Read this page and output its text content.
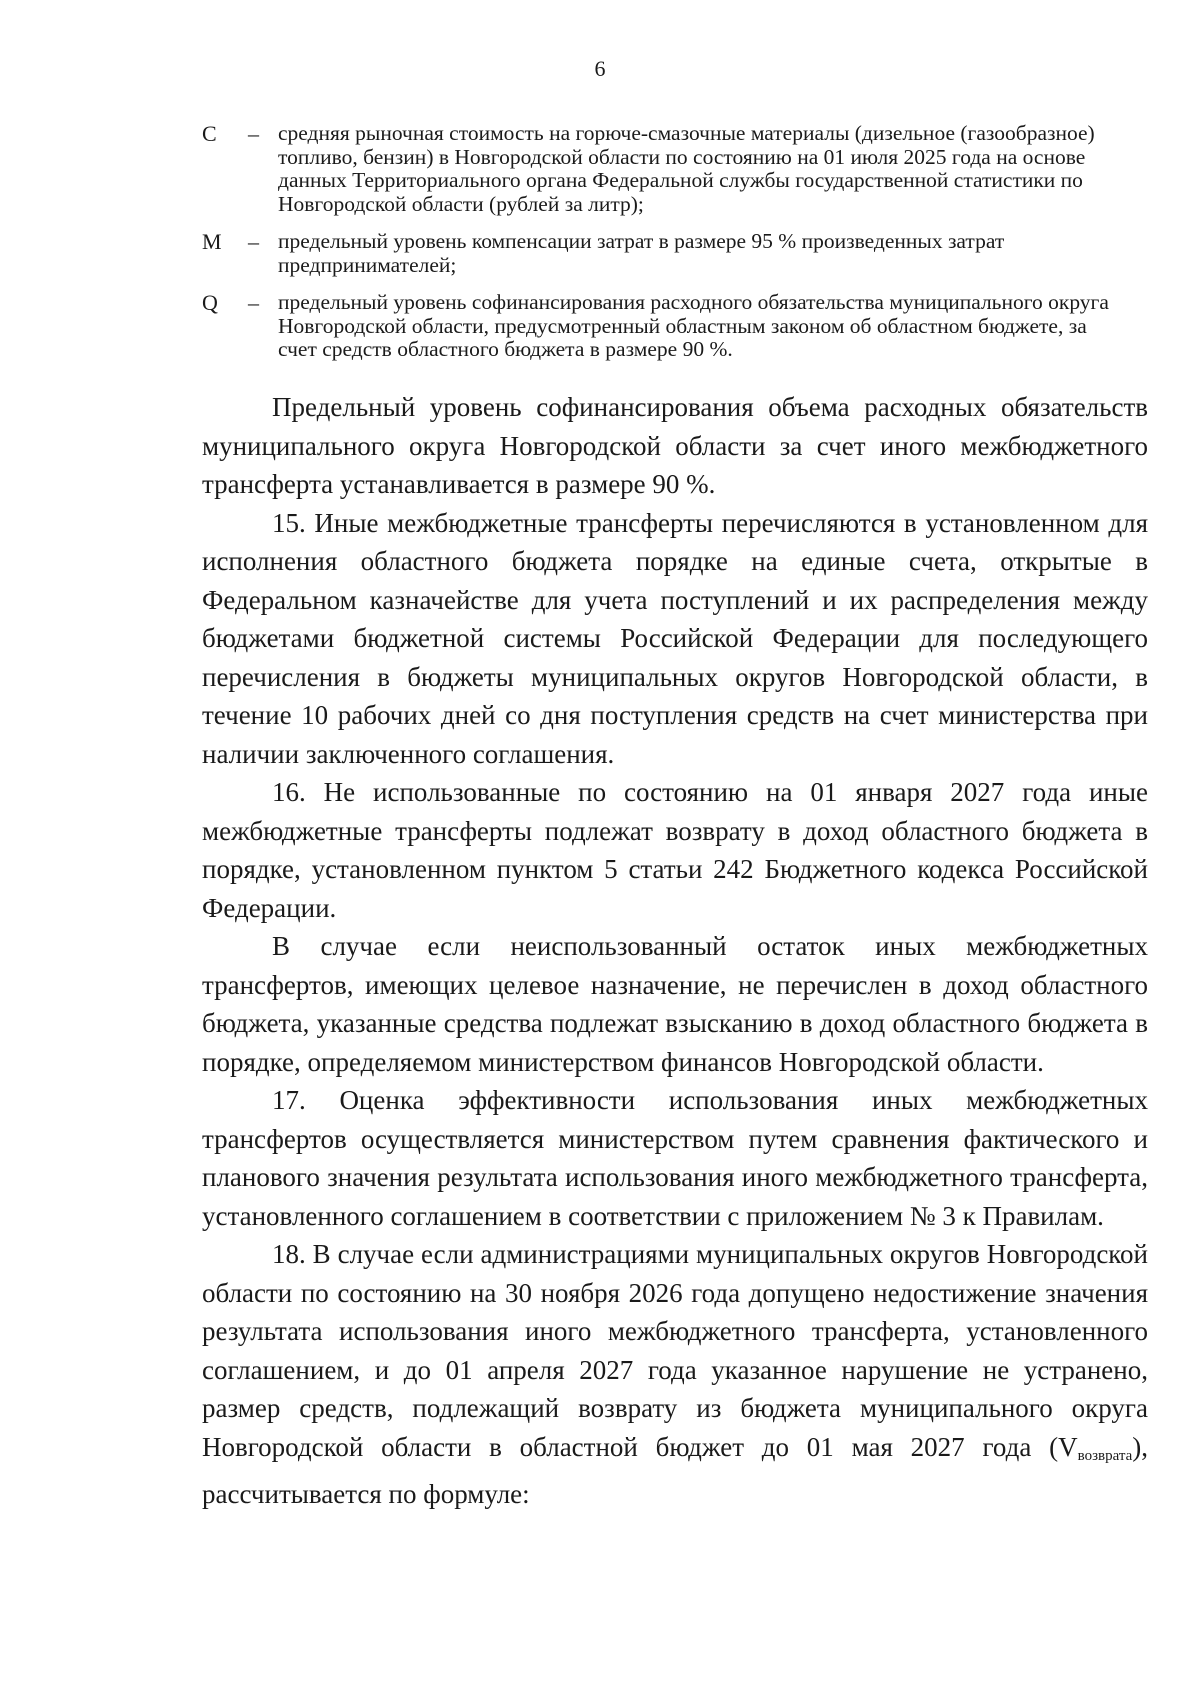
6
C	– средняя рыночная стоимость на горюче-смазочные материалы (дизельное (газообразное) топливо, бензин) в Новгородской области по состоянию на 01 июля 2025 года на основе данных Территориального органа Федеральной службы государственной статистики по Новгородской области (рублей за литр);
M	– предельный уровень компенсации затрат в размере 95 % произведенных затрат предпринимателей;
Q	– предельный уровень софинансирования расходного обязательства муниципального округа Новгородской области, предусмотренный областным законом об областном бюджете, за счет средств областного бюджета в размере 90 %.

Предельный уровень софинансирования объема расходных обязательств муниципального округа Новгородской области за счет иного межбюджетного трансферта устанавливается в размере 90 %.

15. Иные межбюджетные трансферты перечисляются в установленном для исполнения областного бюджета порядке на единые счета, открытые в Федеральном казначействе для учета поступлений и их распределения между бюджетами бюджетной системы Российской Федерации для последующего перечисления в бюджеты муниципальных округов Новгородской области, в течение 10 рабочих дней со дня поступления средств на счет министерства при наличии заключенного соглашения.

16. Не использованные по состоянию на 01 января 2027 года иные межбюджетные трансферты подлежат возврату в доход областного бюджета в порядке, установленном пунктом 5 статьи 242 Бюджетного кодекса Российской Федерации.

В случае если неиспользованный остаток иных межбюджетных трансфертов, имеющих целевое назначение, не перечислен в доход областного бюджета, указанные средства подлежат взысканию в доход областного бюджета в порядке, определяемом министерством финансов Новгородской области.

17. Оценка эффективности использования иных межбюджетных трансфертов осуществляется министерством путем сравнения фактического и планового значения результата использования иного межбюджетного трансферта, установленного соглашением в соответствии с приложением № 3 к Правилам.

18. В случае если администрациями муниципальных округов Новгородской области по состоянию на 30 ноября 2026 года допущено недостижение значения результата использования иного межбюджетного трансферта, установленного соглашением, и до 01 апреля 2027 года указанное нарушение не устранено, размер средств, подлежащий возврату из бюджета муниципального округа Новгородской области в областной бюджет до 01 мая 2027 года $(V_{возврата})$, рассчитывается по формуле:
